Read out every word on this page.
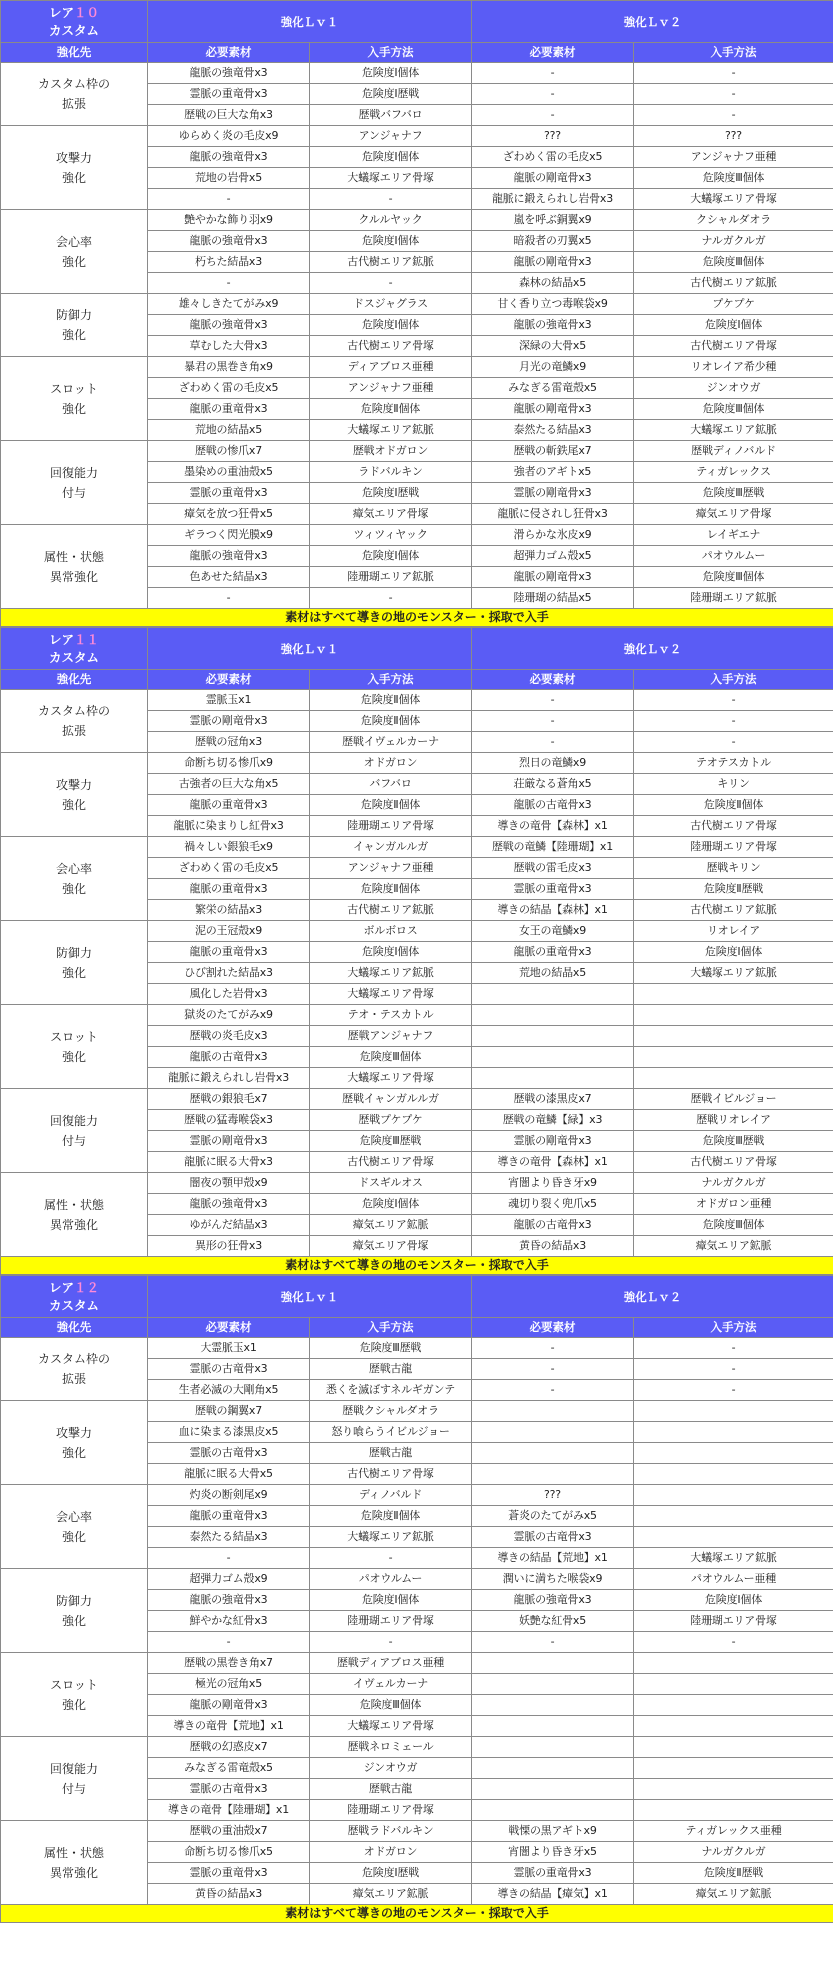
レア１０
カスタム	強化Ｌｖ１		強化Ｌｖ２	
強化先	必要素材	入手方法	必要素材	入手方法
カスタム枠の
拡張	龍脈の強竜骨x3	危険度Ⅰ個体	-	-
	霊脈の重竜骨x3	危険度Ⅰ歴戦	-	-
	歴戦の巨大な角x3	歴戦バフバロ	-	-
攻撃力
強化	ゆらめく炎の毛皮x9	アンジャナフ	???	???
	龍脈の強竜骨x3	危険度Ⅰ個体	ざわめく雷の毛皮x5	アンジャナフ亜種
	荒地の岩骨x5	大蟻塚エリア骨塚	龍脈の剛竜骨x3	危険度Ⅲ個体
	-	-	龍脈に鍛えられし岩骨x3	大蟻塚エリア骨塚
会心率
強化	艶やかな飾り羽x9	クルルヤック	嵐を呼ぶ銅翼x9	クシャルダオラ
	龍脈の強竜骨x3	危険度Ⅰ個体	暗殺者の刃翼x5	ナルガクルガ
	朽ちた結晶x3	古代樹エリア鉱脈	龍脈の剛竜骨x3	危険度Ⅲ個体
	-	-	森林の結晶x5	古代樹エリア鉱脈
防御力
強化	雄々しきたてがみx9	ドスジャグラス	甘く香り立つ毒喉袋x9	プケプケ
	龍脈の強竜骨x3	危険度Ⅰ個体	龍脈の強竜骨x3	危険度Ⅰ個体
	草むした大骨x3	古代樹エリア骨塚	深緑の大骨x5	古代樹エリア骨塚
スロット
強化	暴君の黒巻き角x9	ディアブロス亜種	月光の竜鱗x9	リオレイア希少種
	ざわめく雷の毛皮x5	アンジャナフ亜種	みなぎる雷竜殻x5	ジンオウガ
	龍脈の重竜骨x3	危険度Ⅱ個体	龍脈の剛竜骨x3	危険度Ⅲ個体
	荒地の結晶x5	大蟻塚エリア鉱脈	泰然たる結晶x3	大蟻塚エリア鉱脈
回復能力
付与	歴戦の惨爪x7	歴戦オドガロン	歴戦の斬鉄尾x7	歴戦ディノバルド
	墨染めの重油殻x5	ラドバルキン	強者のアギトx5	ティガレックス
	霊脈の重竜骨x3	危険度Ⅰ歴戦	霊脈の剛竜骨x3	危険度Ⅲ歴戦
	瘴気を放つ狂骨x5	瘴気エリア骨塚	龍脈に侵されし狂骨x3	瘴気エリア骨塚
属性・状態
異常強化	ギラつく閃光膜x9	ツィツィヤック	滑らかな氷皮x9	レイギエナ
	龍脈の強竜骨x3	危険度Ⅰ個体	超弾力ゴム殻x5	パオウルムー
	色あせた結晶x3	陸珊瑚エリア鉱脈	龍脈の剛竜骨x3	危険度Ⅲ個体
	-	-	陸珊瑚の結晶x5	陸珊瑚エリア鉱脈
素材はすべて導きの地のモンスター・採取で入手				
レア１１
カスタム	強化Ｌｖ１		強化Ｌｖ２	
強化先	必要素材	入手方法	必要素材	入手方法
カスタム枠の
拡張	霊脈玉x1	危険度Ⅱ個体	-	-
	霊脈の剛竜骨x3	危険度Ⅱ個体	-	-
	歴戦の冠角x3	歴戦イヴェルカーナ	-	-
攻撃力
強化	命断ち切る惨爪x9	オドガロン	烈日の竜鱗x9	テオテスカトル
	古強者の巨大な角x5	バフバロ	荘厳なる蒼角x5	キリン
	龍脈の重竜骨x3	危険度Ⅱ個体	龍脈の古竜骨x3	危険度Ⅱ個体
	龍脈に染まりし紅骨x3	陸珊瑚エリア骨塚	導きの竜骨【森林】x1	古代樹エリア骨塚
会心率
強化	禍々しい銀狼毛x9	イャンガルルガ	歴戦の竜鱗【陸珊瑚】x1	陸珊瑚エリア骨塚
	ざわめく雷の毛皮x5	アンジャナフ亜種	歴戦の雷毛皮x3	歴戦キリン
	龍脈の重竜骨x3	危険度Ⅱ個体	霊脈の重竜骨x3	危険度Ⅱ歴戦
	繁栄の結晶x3	古代樹エリア鉱脈	導きの結晶【森林】x1	古代樹エリア鉱脈
防御力
強化	泥の王冠殻x9	ボルボロス	女王の竜鱗x9	リオレイア
	龍脈の重竜骨x3	危険度Ⅰ個体	龍脈の重竜骨x3	危険度Ⅰ個体
	ひび割れた結晶x3	大蟻塚エリア鉱脈	荒地の結晶x5	大蟻塚エリア鉱脈
	風化した岩骨x3	大蟻塚エリア骨塚		
スロット
強化	獄炎のたてがみx9	テオ・テスカトル		
	歴戦の炎毛皮x3	歴戦アンジャナフ		
	龍脈の古竜骨x3	危険度Ⅲ個体		
	龍脈に鍛えられし岩骨x3	大蟻塚エリア骨塚		
回復能力
付与	歴戦の銀狼毛x7	歴戦イャンガルルガ	歴戦の漆黒皮x7	歴戦イビルジョー
	歴戦の猛毒喉袋x3	歴戦プケプケ	歴戦の竜鱗【緑】x3	歴戦リオレイア
	霊脈の剛竜骨x3	危険度Ⅲ歴戦	霊脈の剛竜骨x3	危険度Ⅲ歴戦
	龍脈に眠る大骨x3	古代樹エリア骨塚	導きの竜骨【森林】x1	古代樹エリア骨塚
属性・状態
異常強化	闇夜の顎甲殻x9	ドスギルオス	宵闇より昏き牙x9	ナルガクルガ
	龍脈の強竜骨x3	危険度Ⅰ個体	魂切り裂く兜爪x5	オドガロン亜種
	ゆがんだ結晶x3	瘴気エリア鉱脈	龍脈の古竜骨x3	危険度Ⅲ個体
	異形の狂骨x3	瘴気エリア骨塚	黄昏の結晶x3	瘴気エリア鉱脈
素材はすべて導きの地のモンスター・採取で入手				
レア１２
カスタム	強化Ｌｖ１		強化Ｌｖ２	
強化先	必要素材	入手方法	必要素材	入手方法
カスタム枠の
拡張	大霊脈玉x1	危険度Ⅲ歴戦	-	-
	霊脈の古竜骨x3	歴戦古龍	-	-
	生者必滅の大剛角x5	悉くを滅ぼすネルギガンテ	-	-
攻撃力
強化	歴戦の鋼翼x7	歴戦クシャルダオラ		
	血に染まる漆黒皮x5	怒り喰らうイビルジョー		
	霊脈の古竜骨x3	歴戦古龍		
	龍脈に眠る大骨x5	古代樹エリア骨塚		
会心率
強化	灼炎の断剣尾x9	ディノバルド	???	
	龍脈の重竜骨x3	危険度Ⅱ個体	蒼炎のたてがみx5	
	泰然たる結晶x3	大蟻塚エリア鉱脈	霊脈の古竜骨x3	
	-	-	導きの結晶【荒地】x1	大蟻塚エリア鉱脈
防御力
強化	超弾力ゴム殻x9	パオウルムー	潤いに満ちた喉袋x9	パオウルムー亜種
	龍脈の強竜骨x3	危険度Ⅰ個体	龍脈の強竜骨x3	危険度Ⅰ個体
	鮮やかな紅骨x3	陸珊瑚エリア骨塚	妖艶な紅骨x5	陸珊瑚エリア骨塚
	-	-	-	-
スロット
強化	歴戦の黒巻き角x7	歴戦ディアブロス亜種		
	極光の冠角x5	イヴェルカーナ		
	龍脈の剛竜骨x3	危険度Ⅲ個体		
	導きの竜骨【荒地】x1	大蟻塚エリア骨塚		
回復能力
付与	歴戦の幻惑皮x7	歴戦ネロミェール		
	みなぎる雷竜殻x5	ジンオウガ		
	霊脈の古竜骨x3	歴戦古龍		
	導きの竜骨【陸珊瑚】x1	陸珊瑚エリア骨塚		
属性・状態
異常強化	歴戦の重油殻x7	歴戦ラドバルキン	戦慄の黒アギトx9	ティガレックス亜種
	命断ち切る惨爪x5	オドガロン	宵闇より昏き牙x5	ナルガクルガ
	霊脈の重竜骨x3	危険度Ⅰ歴戦	霊脈の重竜骨x3	危険度Ⅱ歴戦
	黄昏の結晶x3	瘴気エリア鉱脈	導きの結晶【瘴気】x1	瘴気エリア鉱脈
素材はすべて導きの地のモンスター・採取で入手				
